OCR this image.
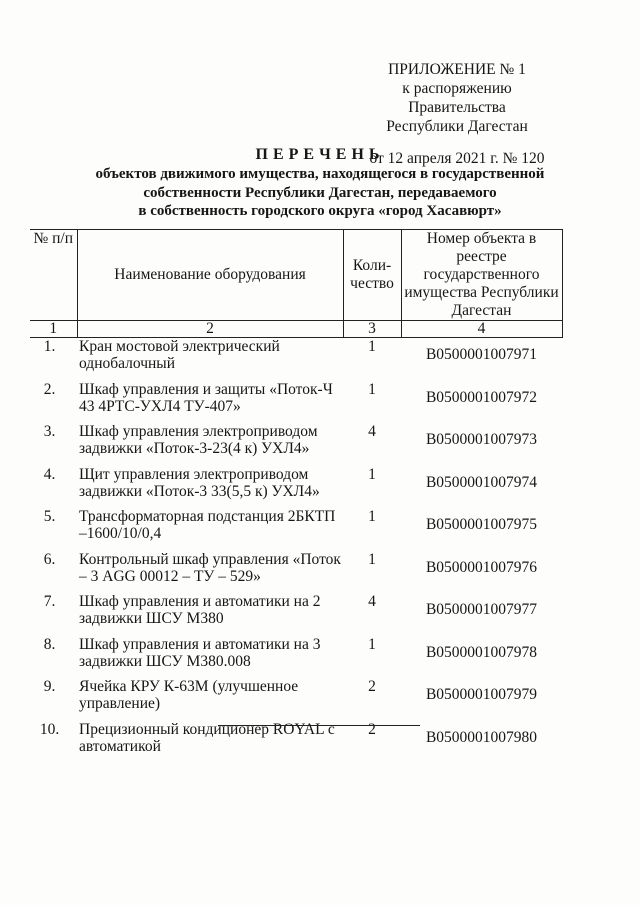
ПРИЛОЖЕНИЕ № 1
к распоряжению Правительства
Республики Дагестан
от 12 апреля 2021 г. № 120
ПЕРЕЧЕНЬ
объектов движимого имущества, находящегося в государственной
собственности Республики Дагестан, передаваемого
в собственность городского округа «город Хасавюрт»
№ п/п	Наименование оборудования	Коли-чество	Номер объекта в реестре государственного имущества Республики Дагестан
1	2	3	4
1.	Кран мостовой электрический однобалочный	1	В0500001007971
2.	Шкаф управления и защиты «Поток-Ч 43 4РТС-УХЛ4 ТУ-407»	1	В0500001007972
3.	Шкаф управления электроприводом задвижки «Поток-3-23(4 к) УХЛ4»	4	В0500001007973
4.	Щит управления электроприводом задвижки «Поток-3 33(5,5 к) УХЛ4»	1	В0500001007974
5.	Трансформаторная подстанция 2БКТП –1600/10/0,4	1	В0500001007975
6.	Контрольный шкаф управления «Поток – 3 AGG 00012 – ТУ – 529»	1	В0500001007976
7.	Шкаф управления и автоматики на 2 задвижки ШСУ М380	4	В0500001007977
8.	Шкаф управления и автоматики на 3 задвижки ШСУ М380.008	1	В0500001007978
9.	Ячейка КРУ К-63М (улучшенное управление)	2	В0500001007979
10.	Прецизионный кондиционер ROYAL с автоматикой	2	В0500001007980
